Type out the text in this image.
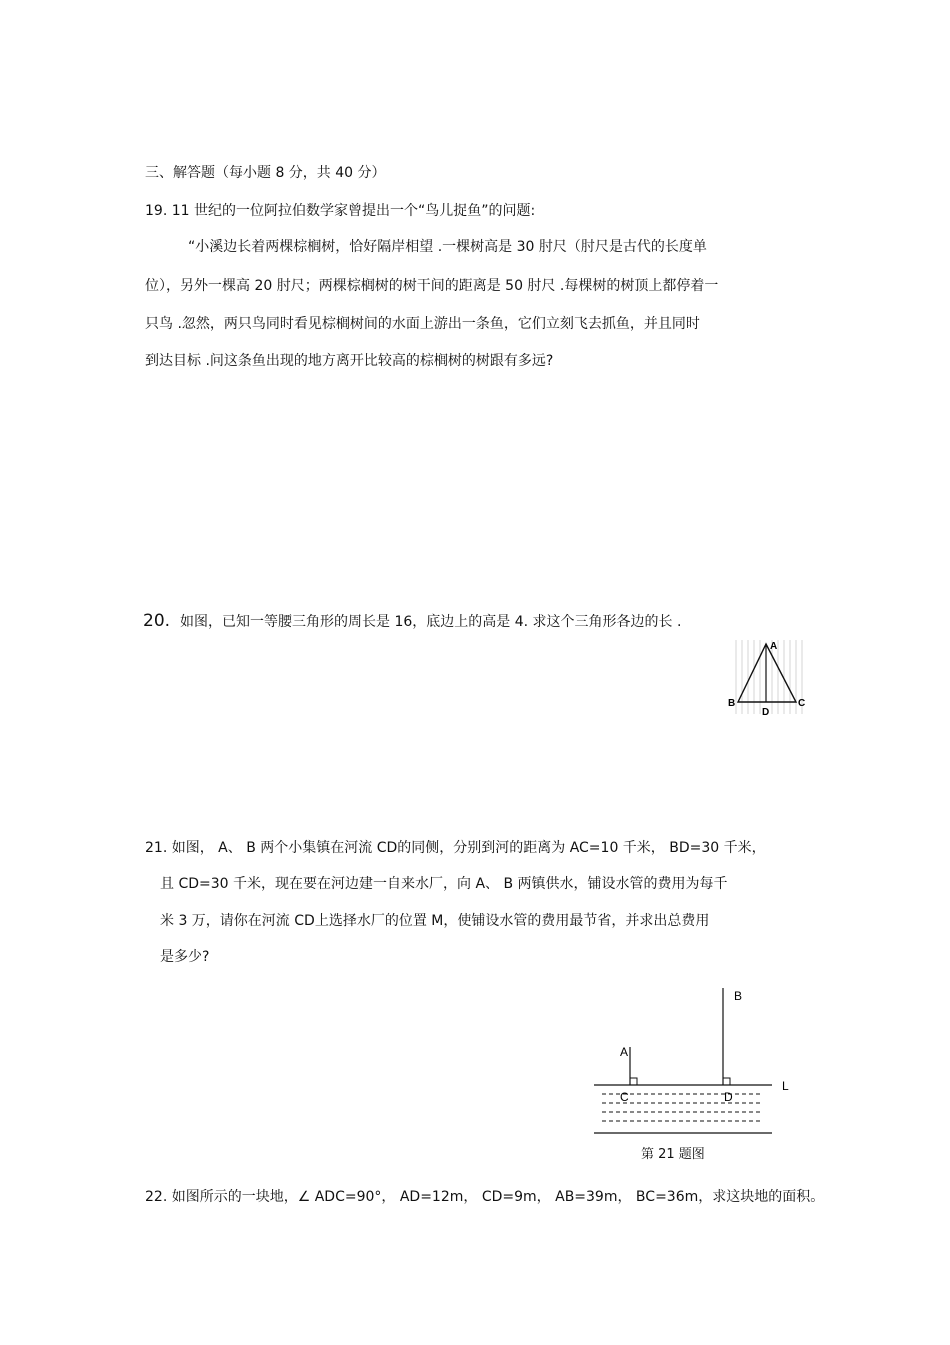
三、解答题（每小题 8 分，共 40 分）
19. 11 世纪的一位阿拉伯数学家曾提出一个“鸟儿捉鱼”的问题:
“小溪边长着两棵棕榈树，恰好隔岸相望 .一棵树高是 30 肘尺（肘尺是古代的长度单
位），另外一棵高 20 肘尺；两棵棕榈树的树干间的距离是 50 肘尺 .每棵树的树顶上都停着一
只鸟 .忽然，两只鸟同时看见棕榈树间的水面上游出一条鱼，它们立刻飞去抓鱼，并且同时
到达目标 .问这条鱼出现的地方离开比较高的棕榈树的树跟有多远?
20. 如图，已知一等腰三角形的周长是 16，底边上的高是 4. 求这个三角形各边的长 .
A
B	C
D
21. 如图， A、 B 两个小集镇在河流 CD的同侧，分别到河的距离为 AC=10 千米， BD=30 千米，
且 CD=30 千米，现在要在河边建一自来水厂，向 A、 B 两镇供水，铺设水管的费用为每千
米 3 万，请你在河流 CD上选择水厂的位置 M，使铺设水管的费用最节省，并求出总费用
是多少?
A
B
C	D
L
第 21 题图
22. 如图所示的一块地，∠ ADC=90°， AD=12m， CD=9m， AB=39m， BC=36m，求这块地的面积。
